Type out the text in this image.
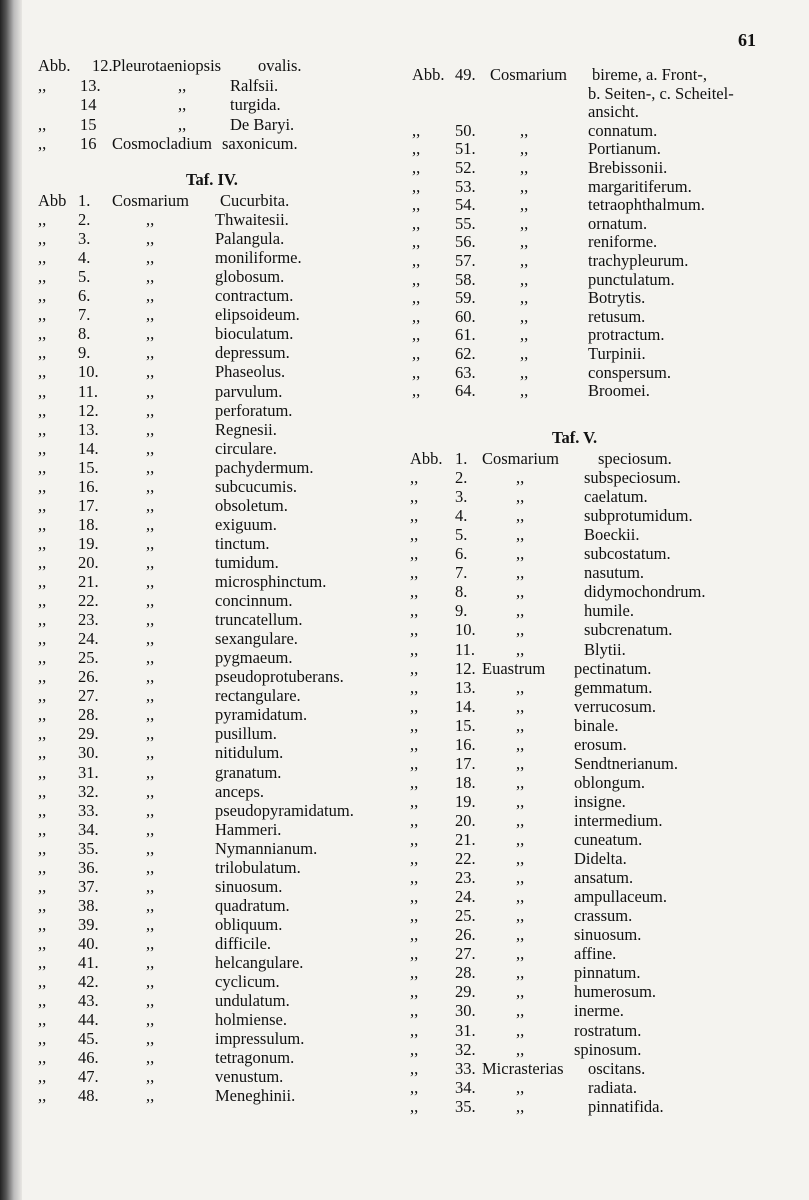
61
Abb. 12. Pleurotaeniopsis ovalis.
,, 13.	,,	Ralfsii.
14	,,	turgida.
,, 15	,,	De Baryi.
,, 16 Cosmocladium saxonicum.
Taf. IV.
Abb 1. Cosmarium Cucurbita.
,, 2.	,,	Thwaitesii.
,, 3.	,,	Palangula.
,, 4.	,,	moniliforme.
,, 5.	,,	globosum.
,, 6.	,,	contractum.
,, 7.	,,	elipsoideum.
,, 8.	,,	bioculatum.
,, 9.	,,	depressum.
,, 10.	,,	Phaseolus.
,, 11.	,,	parvulum.
,, 12.	,,	perforatum.
,, 13.	,,	Regnesii.
,, 14.	,,	circulare.
,, 15.	,,	pachydermum.
,, 16.	,,	subcucumis.
,, 17.	,,	obsoletum.
,, 18.	,,	exiguum.
,, 19.	,,	tinctum.
,, 20.	,,	tumidum.
,, 21.	,,	microsphinctum.
,, 22.	,,	concinnum.
,, 23.	,,	truncatellum.
,, 24.	,,	sexangulare.
,, 25.	,,	pygmaeum.
,, 26.	,,	pseudoprotuberans.
,, 27.	,,	rectangulare.
,, 28.	,,	pyramidatum.
,, 29.	,,	pusillum.
,, 30.	,,	nitidulum.
,, 31.	,,	granatum.
,, 32.	,,	anceps.
,, 33.	,,	pseudopyramidatum.
,, 34.	,,	Hammeri.
,, 35.	,,	Nymannianum.
,, 36.	,,	trilobulatum.
,, 37.	,,	sinuosum.
,, 38.	,,	quadratum.
,, 39.	,,	obliquum.
,, 40.	,,	difficile.
,, 41.	,,	helcangulare.
,, 42.	,,	cyclicum.
,, 43.	,,	undulatum.
,, 44.	,,	holmiense.
,, 45.	,,	impressulum.
,, 46.	,,	tetragonum.
,, 47.	,,	venustum.
,, 48.	,,	Meneghinii.
Abb. 49. Cosmarium bireme, a. Front-,
b. Seiten-, c. Scheitel-
ansicht.
,, 50.	,,	connatum.
,, 51.	,,	Portianum.
,, 52.	,,	Brebissonii.
,, 53.	,,	margaritiferum.
,, 54.	,,	tetraophthalmum.
,, 55.	,,	ornatum.
,, 56.	,,	reniforme.
,, 57.	,,	trachypleurum.
,, 58.	,,	punctulatum.
,, 59.	,,	Botrytis.
,, 60.	,,	retusum.
,, 61.	,,	protractum.
,, 62.	,,	Turpinii.
,, 63.	,,	conspersum.
,, 64.	,,	Broomei.
Taf. V.
Abb. 1. Cosmarium speciosum.
,, 2.	,,	subspeciosum.
,, 3.	,,	caelatum.
,, 4.	,,	subprotumidum.
,, 5.	,,	Boeckii.
,, 6.	,,	subcostatum.
,, 7.	,,	nasutum.
,, 8.	,,	didymochondrum.
,, 9.	,,	humile.
,, 10. ,,	subcrenatum.
,, 11. ,,	Blytii.
,, 12. Euastrum pectinatum.
,, 13. ,,	gemmatum.
,, 14. ,,	verrucosum.
,, 15. ,,	binale.
,, 16. ,,	erosum.
,, 17. ,,	Sendtnerianum.
,, 18. ,,	oblongum.
,, 19. ,,	insigne.
,, 20. ,,	intermedium.
,, 21. ,,	cuneatum.
,, 22. ,,	Didelta.
,, 23. ,,	ansatum.
,, 24. ,,	ampullaceum.
,, 25. ,,	crassum.
,, 26. ,,	sinuosum.
,, 27. ,,	affine.
,, 28. ,,	pinnatum.
,, 29. ,,	humerosum.
,, 30. ,,	inerme.
,, 31. ,,	rostratum.
,, 32. ,,	spinosum.
,, 33. Micrasterias oscitans.
,, 34. ,,	radiata.
,, 35. ,,	pinnatifida.
